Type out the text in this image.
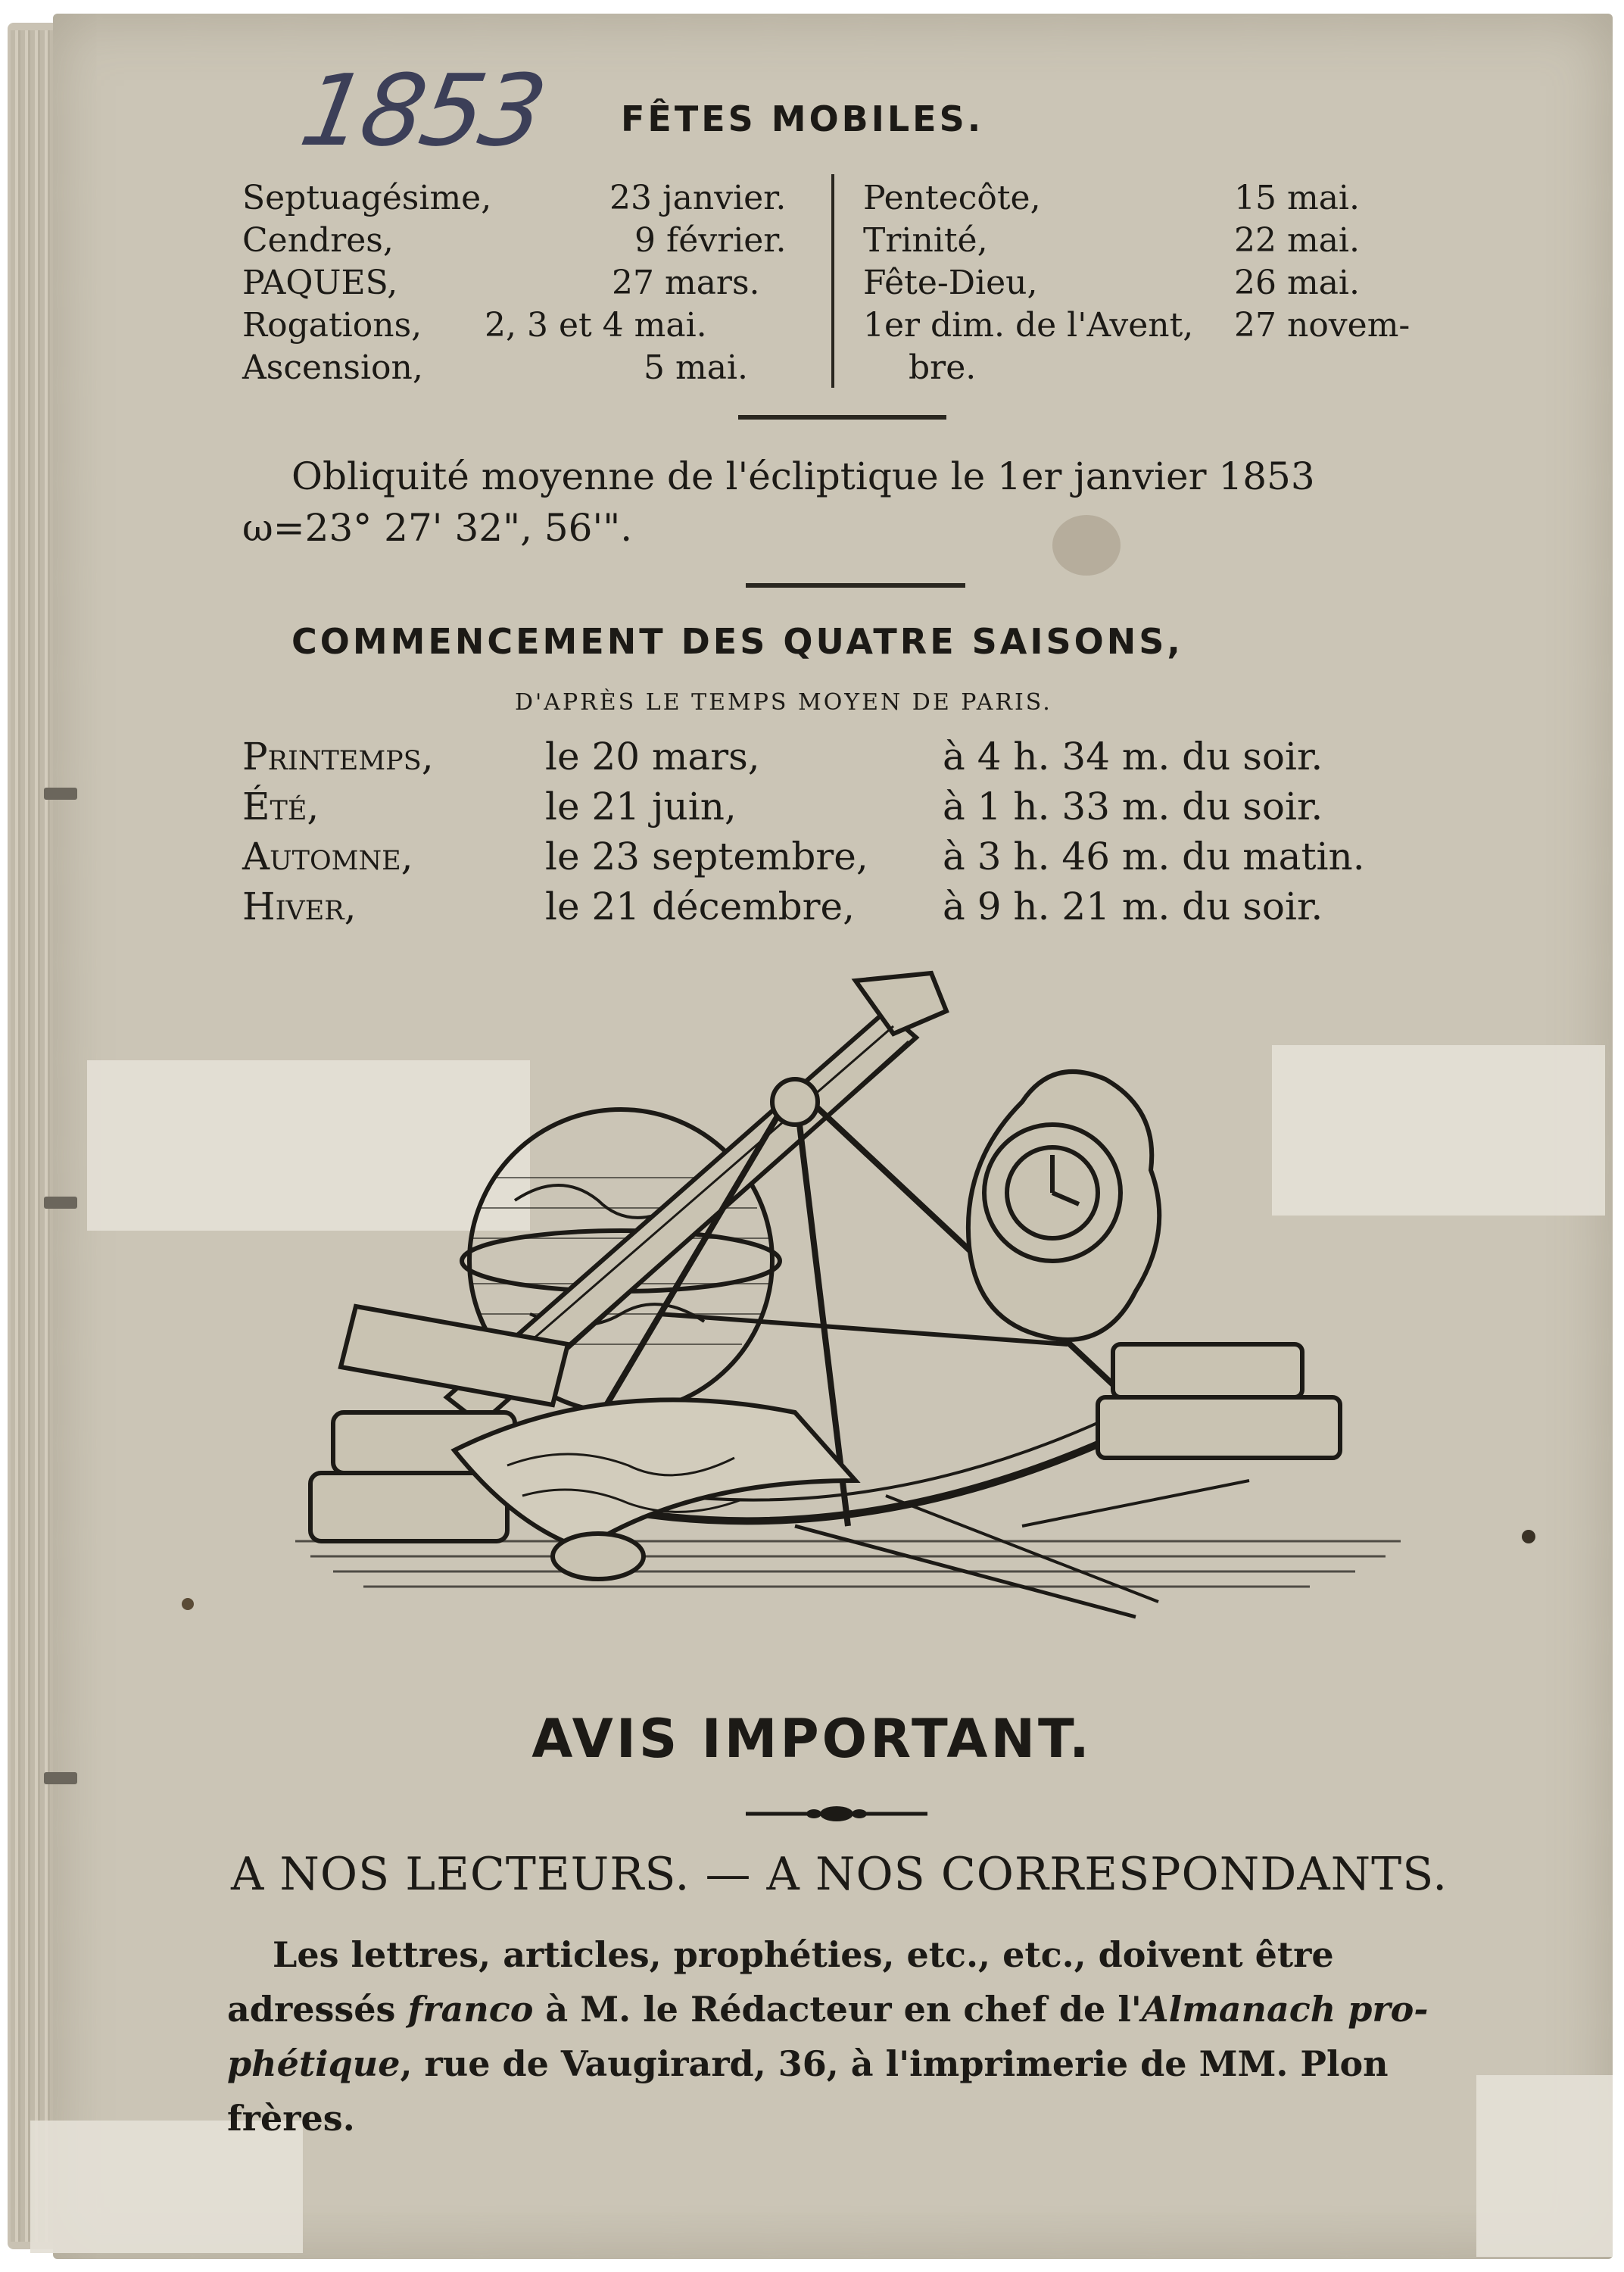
1853 FÊTES MOBILES.
Septuagésime,	23 janvier.
Cendres,	9 février.
PAQUES,	27 mars.
Rogations, 2, 3 et 4 mai.
Ascension,	5 mai.
Pentecôte,	15 mai.
Trinité,	22 mai.
Fête-Dieu,	26 mai.
1er dim. de l'Avent, 27 novem-
bre.
Obliquité moyenne de l'écliptique le 1er janvier 1853
ω=23° 27' 32", 56'".
COMMENCEMENT DES QUATRE SAISONS,
D'APRÈS LE TEMPS MOYEN DE PARIS.
Printemps,	le 20 mars,	à 4 h. 34 m. du soir.
Été,	le 21 juin,	à 1 h. 33 m. du soir.
Automne,	le 23 septembre, à 3 h. 46 m. du matin.
Hiver,	le 21 décembre, à 9 h. 21 m. du soir.
AVIS IMPORTANT.
A NOS LECTEURS. — A NOS CORRESPONDANTS.
Les lettres, articles, prophéties, etc., etc., doivent être
adressés franco à M. le Rédacteur en chef de l'Almanach pro-
phétique, rue de Vaugirard, 36, à l'imprimerie de MM. Plon
frères.
